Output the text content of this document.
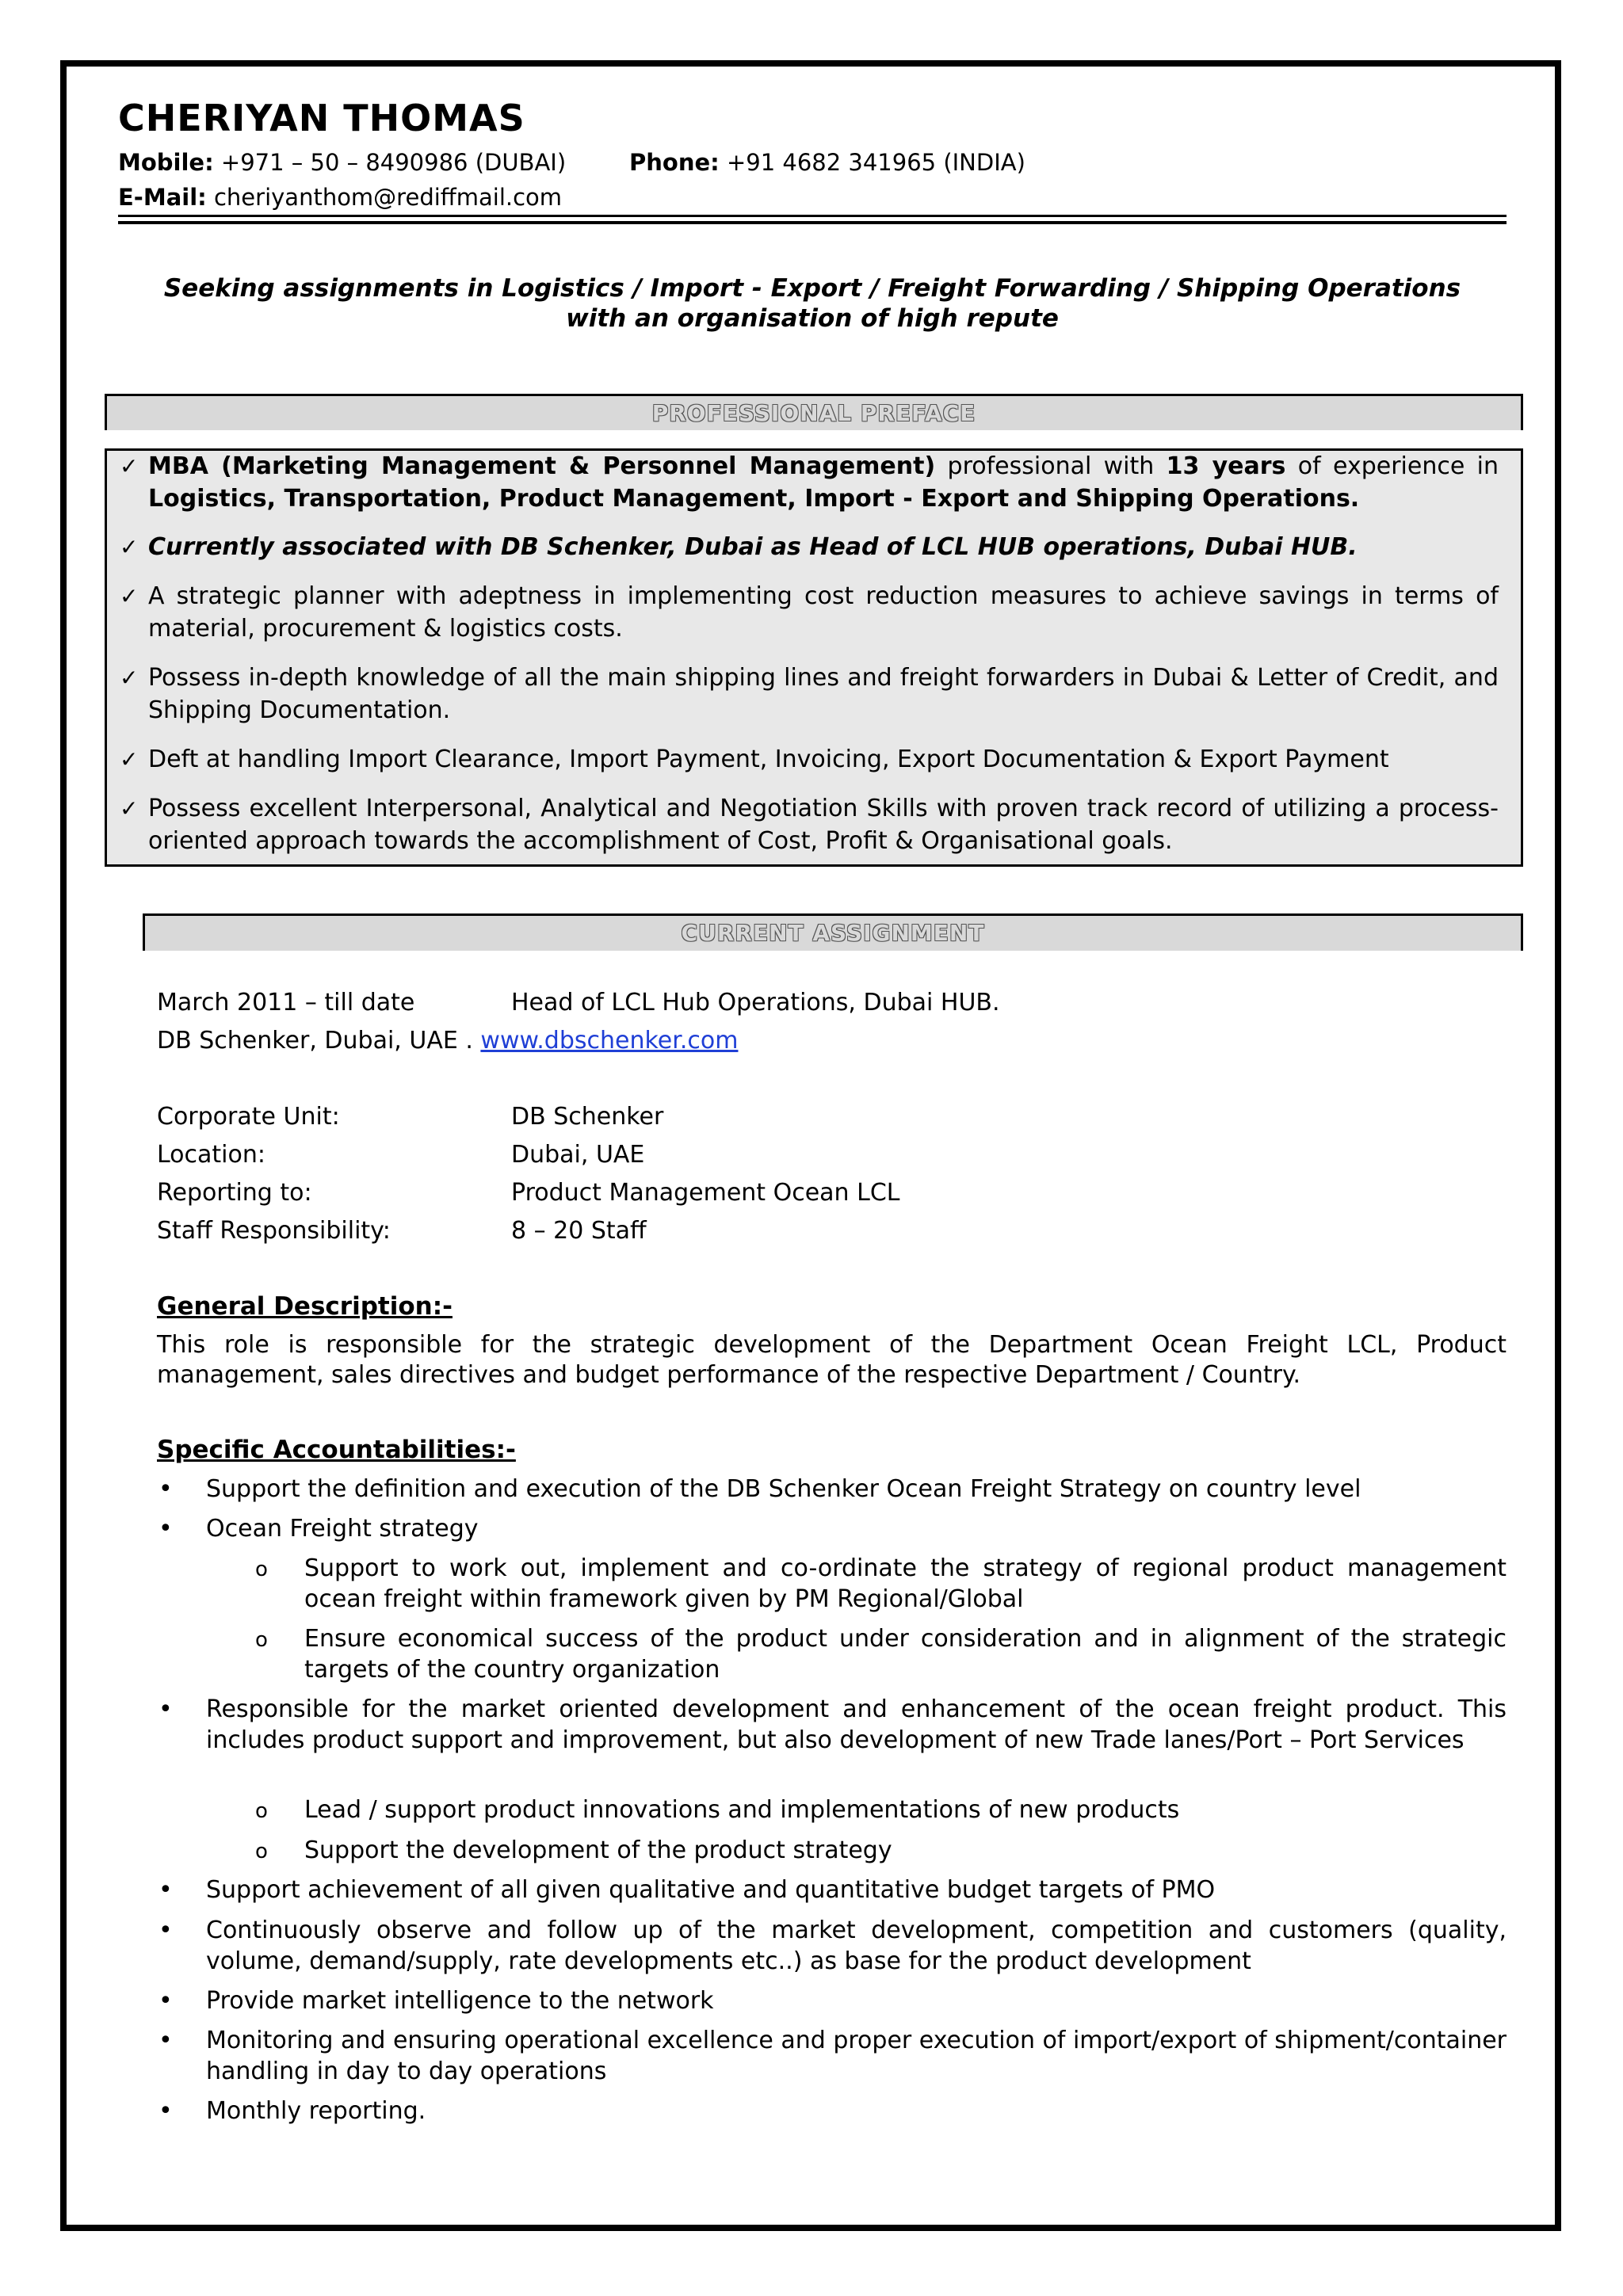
CHERIYAN THOMAS
Mobile: +971 – 50 – 8490986 (DUBAI)	Phone: +91 4682 341965 (INDIA)
E-Mail: cheriyanthom@rediffmail.com
Seeking assignments in Logistics / Import - Export / Freight Forwarding / Shipping Operations
with an organisation of high repute
PROFESSIONAL PREFACE
✓ MBA (Marketing Management & Personnel Management) professional with 13 years of experience in Logistics, Transportation, Product Management, Import - Export and Shipping Operations.
✓ Currently associated with DB Schenker, Dubai as Head of LCL HUB operations, Dubai HUB.
✓ A strategic planner with adeptness in implementing cost reduction measures to achieve savings in terms of material, procurement & logistics costs.
✓ Possess in-depth knowledge of all the main shipping lines and freight forwarders in Dubai & Letter of Credit, and Shipping Documentation.
✓ Deft at handling Import Clearance, Import Payment, Invoicing, Export Documentation & Export Payment
✓ Possess excellent Interpersonal, Analytical and Negotiation Skills with proven track record of utilizing a process-oriented approach towards the accomplishment of Cost, Profit & Organisational goals.
CURRENT ASSIGNMENT
March 2011 – till date	Head of LCL Hub Operations, Dubai HUB.
DB Schenker, Dubai, UAE . www.dbschenker.com
Corporate Unit:	DB Schenker
Location:	Dubai, UAE
Reporting to:	Product Management Ocean LCL
Staff Responsibility:	8 – 20 Staff
General Description:-
This role is responsible for the strategic development of the Department Ocean Freight LCL, Product management, sales directives and budget performance of the respective Department / Country.
Specific Accountabilities:-
• Support the definition and execution of the DB Schenker Ocean Freight Strategy on country level
• Ocean Freight strategy
o Support to work out, implement and co-ordinate the strategy of regional product management ocean freight within framework given by PM Regional/Global
o Ensure economical success of the product under consideration and in alignment of the strategic targets of the country organization
• Responsible for the market oriented development and enhancement of the ocean freight product. This includes product support and improvement, but also development of new Trade lanes/Port – Port Services
o Lead / support product innovations and implementations of new products
o Support the development of the product strategy
• Support achievement of all given qualitative and quantitative budget targets of PMO
• Continuously observe and follow up of the market development, competition and customers (quality, volume, demand/supply, rate developments etc..) as base for the product development
• Provide market intelligence to the network
• Monitoring and ensuring operational excellence and proper execution of import/export of shipment/container handling in day to day operations
• Monthly reporting.
